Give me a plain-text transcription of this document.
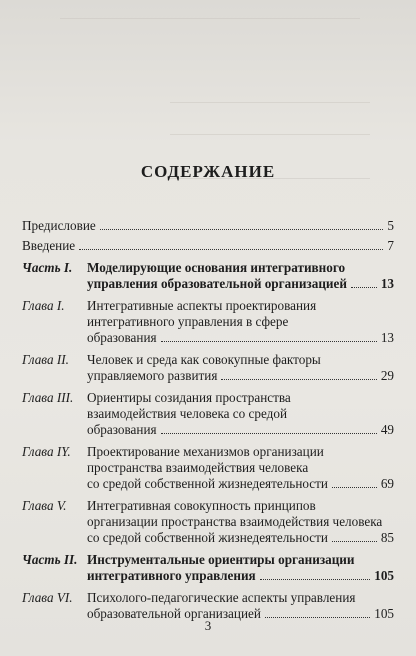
СОДЕРЖАНИЕ
Предисловие	5
Введение	7
Часть I.	Моделирующие основания интегративного
управления образовательной организацией	13
Глава I.	Интегративные аспекты проектирования
интегративного управления в сфере
образования	13
Глава II.	Человек и среда как совокупные факторы
управляемого развития	29
Глава III.	Ориентиры созидания пространства
взаимодействия человека со средой
образования	49
Глава IY.	Проектирование механизмов организации
пространства взаимодействия человека
со средой собственной жизнедеятельности	69
Глава V.	Интегративная совокупность принципов
организации пространства взаимодействия человека
со средой собственной жизнедеятельности	85
Часть II. Инструментальные ориентиры организации
интегративного управления	105
Глава VI.	Психолого-педагогические аспекты управления
образовательной организацией	105
3
